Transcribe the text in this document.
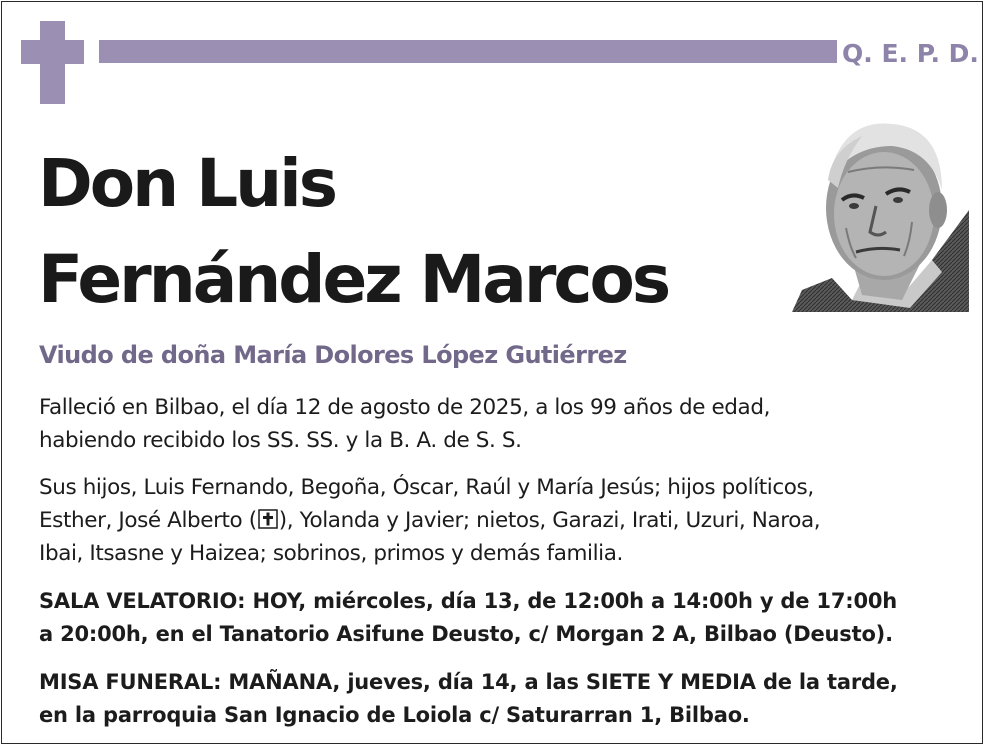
Q. E. P. D.
Don Luis
Fernández Marcos
Viudo de doña María Dolores López Gutiérrez
Falleció en Bilbao, el día 12 de agosto de 2025, a los 99 años de edad,
habiendo recibido los SS. SS. y la B. A. de S. S.
Sus hijos, Luis Fernando, Begoña, Óscar, Raúl y María Jesús; hijos políticos,
Esther, José Alberto ( ), Yolanda y Javier; nietos, Garazi, Irati, Uzuri, Naroa,
Ibai, Itsasne y Haizea; sobrinos, primos y demás familia.
SALA VELATORIO: HOY, miércoles, día 13, de 12:00h a 14:00h y de 17:00h
a 20:00h, en el Tanatorio Asifune Deusto, c/ Morgan 2 A, Bilbao (Deusto).
MISA FUNERAL: MAÑANA, jueves, día 14, a las SIETE Y MEDIA de la tarde,
en la parroquia San Ignacio de Loiola c/ Saturarran 1, Bilbao.
